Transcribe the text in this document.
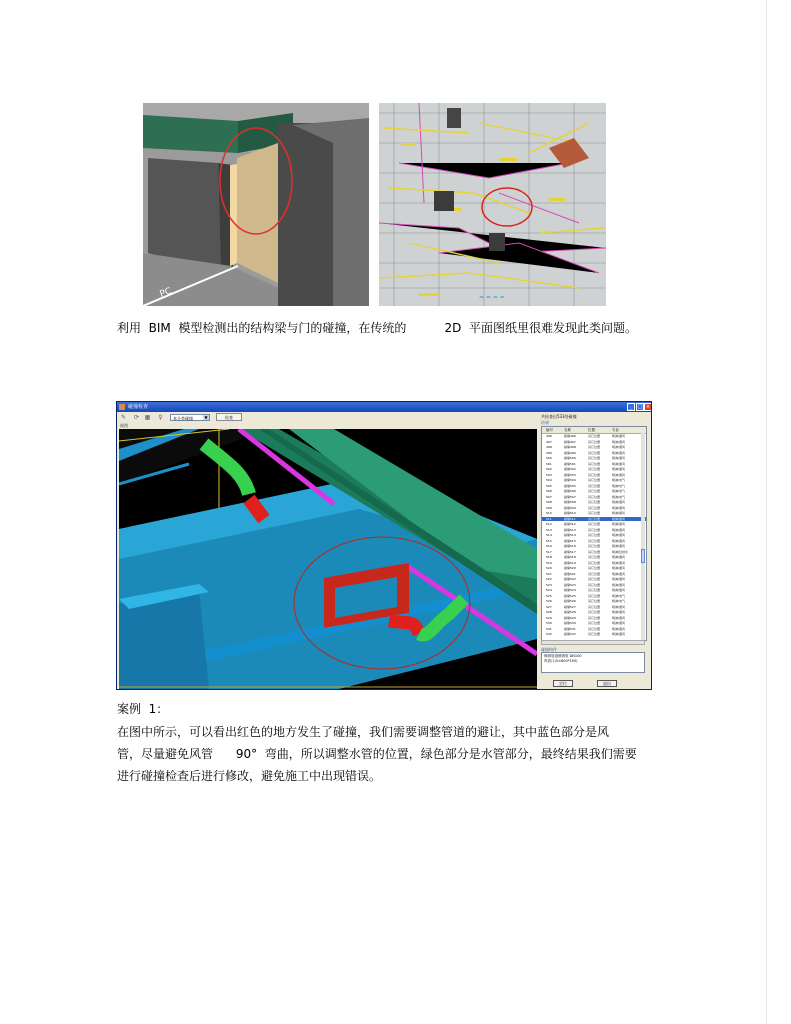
PC	= = = =
利用  BIM  模型检测出的结构梁与门的碰撞，在传统的          2D  平面图纸里很难发现此类问题。
碰撞检查	_	□ ×
✎ ⟳ ▦ ♀	本分类碰撞	▼	检查
视图
共检查出533处碰撞
结果
编号	名称	位置	专业
496	碰撞496	其它位置	喷淋/通风
497	碰撞497	其它位置	喷淋/通风
498	碰撞498	其它位置	喷淋/通风
499	碰撞499	其它位置	喷淋/通风
500	碰撞500	其它位置	喷淋/通风
501	碰撞501	其它位置	喷淋/通风
502	碰撞502	其它位置	喷淋/通风
503	碰撞503	其它位置	喷淋/通风
504	碰撞504	其它位置	喷淋/电气
505	碰撞505	其它位置	喷淋/电气
506	碰撞506	其它位置	喷淋/电气
507	碰撞507	其它位置	喷淋/电气
508	碰撞508	其它位置	喷淋/通风
509	碰撞509	其它位置	喷淋/通风
510	碰撞510	其它位置	喷淋/通风
511	碰撞511	其它位置	喷淋/通风
512	碰撞512	其它位置	喷淋/通风
513	碰撞513	其它位置	喷淋/通风
514	碰撞514	其它位置	喷淋/通风
515	碰撞515	其它位置	喷淋/通风
516	碰撞516	其它位置	喷淋/通风
517	碰撞517	其它位置	喷淋/给排水
518	碰撞518	其它位置	喷淋/通风
519	碰撞519	其它位置	喷淋/通风
520	碰撞520	其它位置	喷淋/通风
521	碰撞521	其它位置	喷淋/通风
522	碰撞522	其它位置	喷淋/通风
523	碰撞523	其它位置	喷淋/通风
524	碰撞524	其它位置	喷淋/通风
525	碰撞525	其它位置	喷淋/电气
526	碰撞526	其它位置	喷淋/电气
527	碰撞527	其它位置	喷淋/通风
528	碰撞528	其它位置	喷淋/通风
529	碰撞529	其它位置	喷淋/通风
530	碰撞530	其它位置	喷淋/通风
531	碰撞531	其它位置	喷淋/通风
532	碰撞532	其它位置	喷淋/通风
碰撞构件
喷淋管道喷淋管 DN100
风管口(5×600*150)
定位	退出
案例  1：
在图中所示，可以看出红色的地方发生了碰撞，我们需要调整管道的避让，其中蓝色部分是风
管，尽量避免风管      90°  弯曲，所以调整水管的位置，绿色部分是水管部分，最终结果我们需要
进行碰撞检查后进行修改，避免施工中出现错误。
